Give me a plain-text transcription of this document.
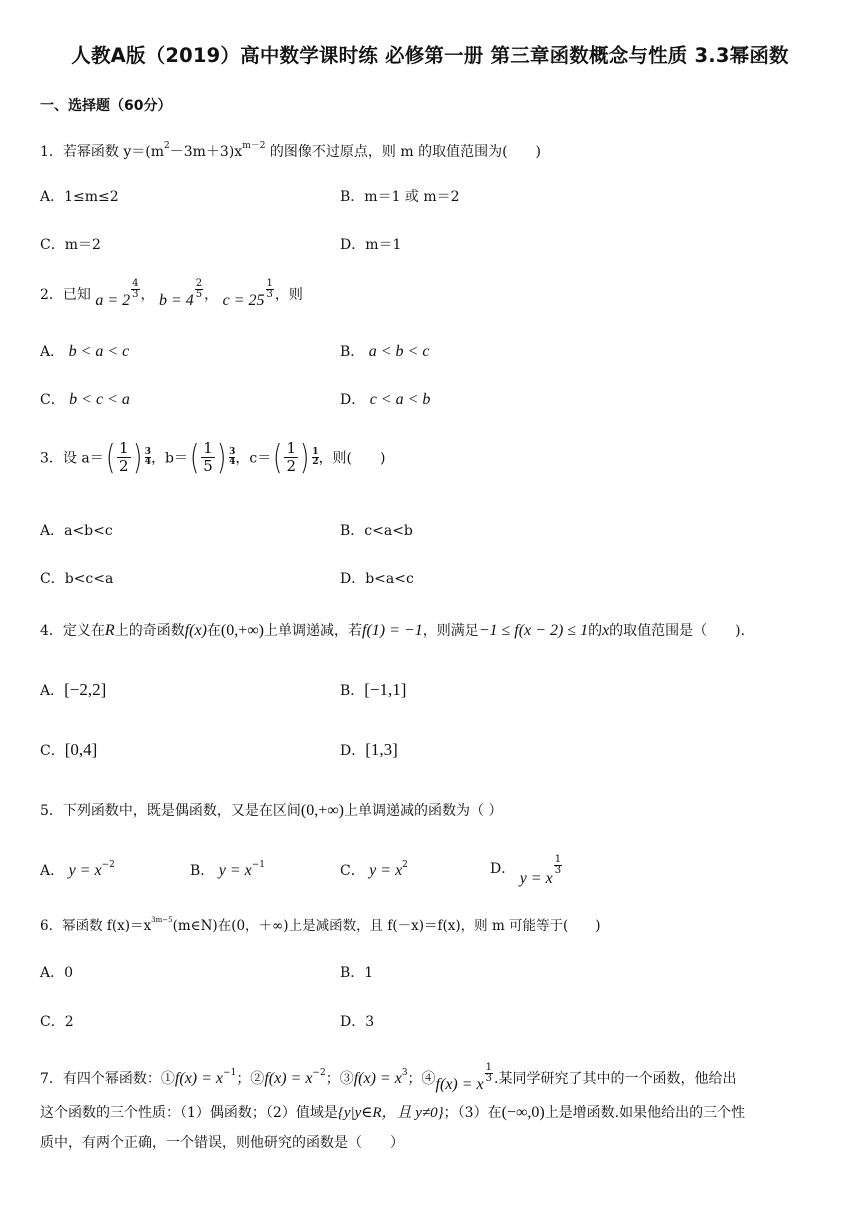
人教A版（2019）高中数学课时练 必修第一册 第三章函数概念与性质 3.3幂函数
一、选择题（60分）
1．若幂函数 $y=(m^2-3m+3)x^{m-2}$ 的图像不过原点，则 m 的取值范围为(　　)
A．1≤m≤2	B．m＝1 或 m＝2
C．m＝2	D．m＝1
2．已知 a = 2
$\frac{4}{3}$ ， b = 4
$\frac{2}{5}$ ， c = 25
$\frac{1}{3}$ ，则
A． b < a < c	B． a < b < c
C． b < c < a	D． c < a < b
3．设 $a=( \frac{1}{2}$ ) $\frac{3}{4}$，$b=( \frac{1}{5}$ ) $\frac{3}{4}$，$c=( \frac{1}{2}$ ) $\frac{1}{2}$，则(　　)
A．a<b<c	B．c<a<b
C．b<c<a	D．b<a<c
4．定义在R上的奇函数f(x)在(0,+∞)上单调递减，若f(1) = −1，则满足−1 ≤ f(x − 2) ≤ 1的x的取值范围是（　　).
A．[−2,2]	B．[−1,1]
C．[0,4]	D．[1,3]
5．下列函数中，既是偶函数，又是在区间(0,+∞)上单调递减的函数为（ ）
A． $y = x^{-2}$	B． $y = x^{-1}$	C． $y = x^2$	D． y = x
$\frac{1}{3}$
6．幂函数 $f(x)=x^{3m-5}(m\in N)$在(0，＋∞)上是减函数，且 f(－x)＝f(x)，则 m 可能等于(　　)
A．0	B．1
C．2	D．3
7．有四个幂函数：①f(x) = $x^{-1}$；②f(x) = $x^{-2}$；③f(x) = $x^3$；④f(x) = x
$\frac{1}{3}$ .某同学研究了其中的一个函数，他给出
这个函数的三个性质：（1）偶函数；（2）值域是{y|y∈R，且 y≠0}；（3）在(−∞,0)上是增函数.如果他给出的三个性
质中，有两个正确，一个错误，则他研究的函数是（　　）
